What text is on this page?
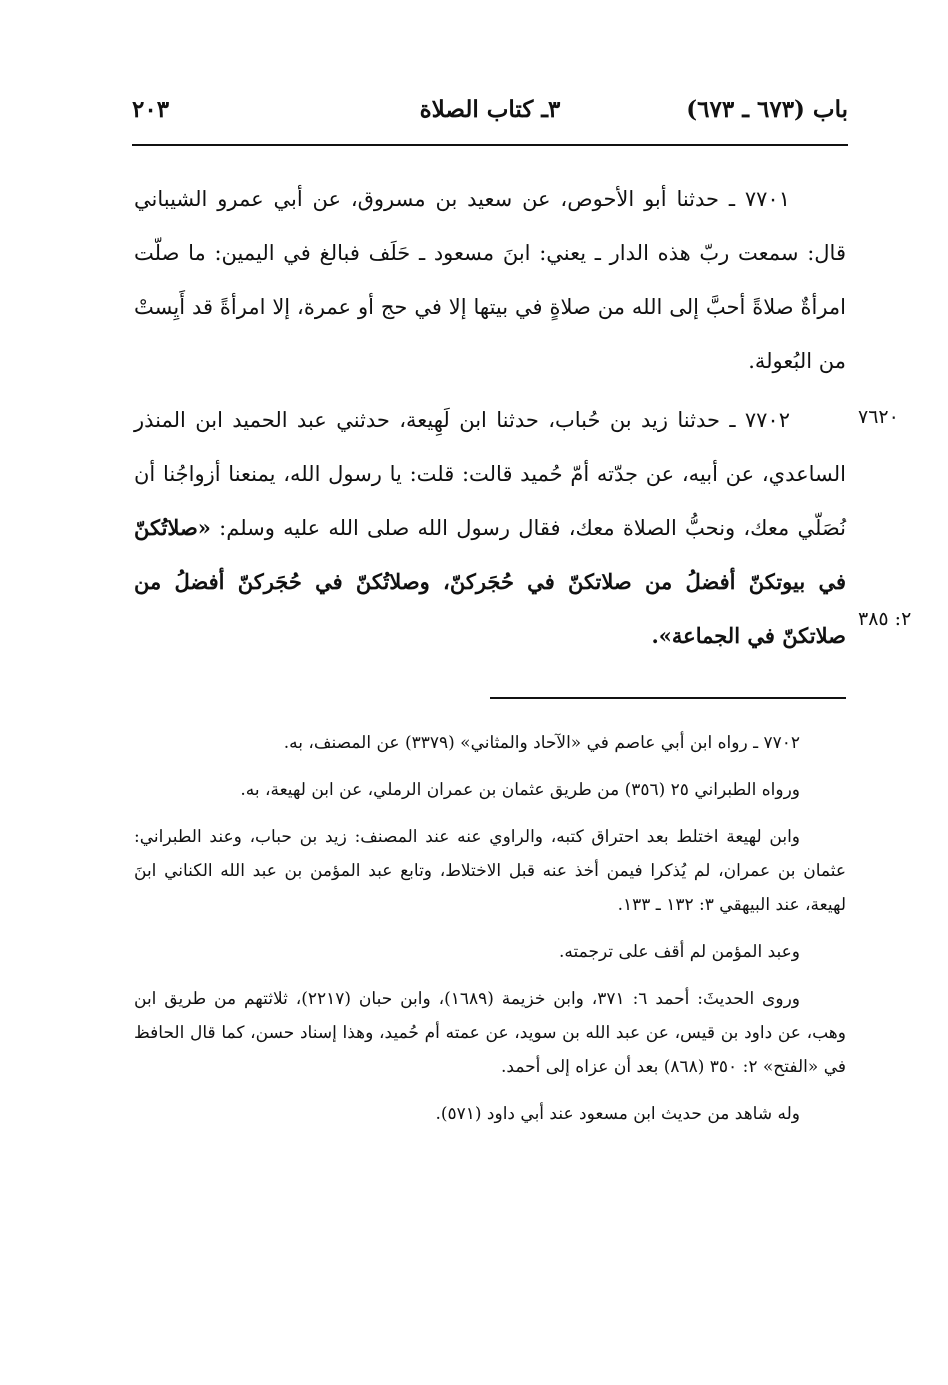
باب (٦٧٣ ـ ٦٧٣)
٣ـ كتاب الصلاة
٢٠٣

٧٧٠١ ـ حدثنا أبو الأحوص، عن سعيد بن مسروق، عن أبي عمرو الشيباني قال: سمعت ربّ هذه الدار ـ يعني: ابنَ مسعود ـ حَلَف فبالغ في اليمين: ما صلّت امرأةٌ صلاةً أحبَّ إلى الله من صلاةٍ في بيتها إلا في حج أو عمرة، إلا امرأةً قد أَيِستْ من البُعولة.

٧٧٠٢ ـ حدثنا زيد بن حُباب، حدثنا ابن لَهِيعة، حدثني عبد الحميد ابن المنذر الساعدي، عن أبيه، عن جدّته أمّ حُميد قالت: قلت: يا رسول الله، يمنعنا أزواجُنا أن نُصَلّي معك، ونحبُّ الصلاة معك، فقال رسول الله صلى الله عليه وسلم: «صلاتُكنّ في بيوتكنّ أفضلُ من صلاتكنّ في حُجَركنّ، وصلاتُكنّ في حُجَركنّ أفضلُ من صلاتكنّ في الجماعة».

٧٦٢٠
٢: ٣٨٥

٧٧٠٢ ـ رواه ابن أبي عاصم في «الآحاد والمثاني» (٣٣٧٩) عن المصنف، به.

ورواه الطبراني ٢٥ (٣٥٦) من طريق عثمان بن عمران الرملي، عن ابن لهيعة، به.

وابن لهيعة اختلط بعد احتراق كتبه، والراوي عنه عند المصنف: زيد بن حباب، وعند الطبراني: عثمان بن عمران، لم يُذكرا فيمن أخذ عنه قبل الاختلاط، وتابع عبد المؤمن بن عبد الله الكناني ابنَ لهيعة، عند البيهقي ٣: ١٣٢ ـ ١٣٣.

وعبد المؤمن لم أقف على ترجمته.

وروى الحديثَ: أحمد ٦: ٣٧١، وابن خزيمة (١٦٨٩)، وابن حبان (٢٢١٧)، ثلاثتهم من طريق ابن وهب، عن داود بن قيس، عن عبد الله بن سويد، عن عمته أم حُميد، وهذا إسناد حسن، كما قال الحافظ في «الفتح» ٢: ٣٥٠ (٨٦٨) بعد أن عزاه إلى أحمد.

وله شاهد من حديث ابن مسعود عند أبي داود (٥٧١).
